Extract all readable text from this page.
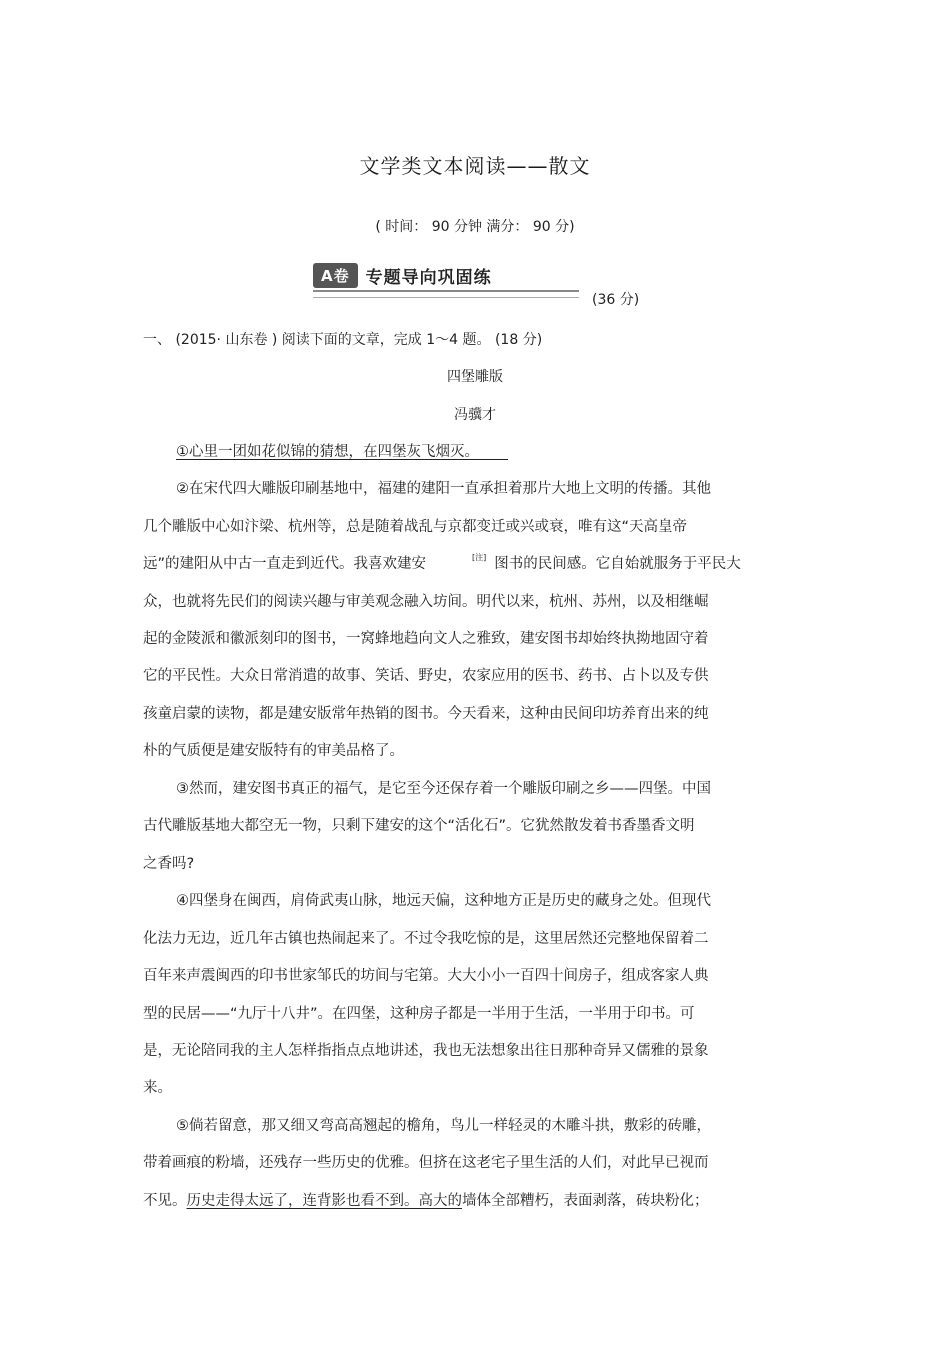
文学类文本阅读——散文
( 时间： 90 分钟 满分： 90 分)
A卷 专题导向巩固练
(36 分)
一、 (2015· 山东卷 ) 阅读下面的文章，完成 1～4 题。 (18 分)
四堡雕版
冯骥才
①心里一团如花似锦的猜想，在四堡灰飞烟灭。  
②在宋代四大雕版印刷基地中，福建的建阳一直承担着那片大地上文明的传播。其他
几个雕版中心如汴梁、杭州等，总是随着战乱与京都变迁或兴或衰，唯有这“天高皇帝
远”的建阳从中古一直走到近代。我喜欢建安	[注] 图书的民间感。它自始就服务于平民大
众，也就将先民们的阅读兴趣与审美观念融入坊间。明代以来，杭州、苏州，以及相继崛
起的金陵派和徽派刻印的图书，一窝蜂地趋向文人之雅致，建安图书却始终执拗地固守着
它的平民性。大众日常消遣的故事、笑话、野史，农家应用的医书、药书、占卜以及专供
孩童启蒙的读物，都是建安版常年热销的图书。今天看来，这种由民间印坊养育出来的纯
朴的气质便是建安版特有的审美品格了。
③然而，建安图书真正的福气，是它至今还保存着一个雕版印刷之乡——四堡。中国
古代雕版基地大都空无一物，只剩下建安的这个“活化石”。它犹然散发着书香墨香文明
之香吗?
④四堡身在闽西，肩倚武夷山脉，地远天偏，这种地方正是历史的藏身之处。但现代
化法力无边，近几年古镇也热闹起来了。不过令我吃惊的是，这里居然还完整地保留着二
百年来声震闽西的印书世家邹氏的坊间与宅第。大大小小一百四十间房子，组成客家人典
型的民居——“九厅十八井”。在四堡，这种房子都是一半用于生活，一半用于印书。可
是，无论陪同我的主人怎样指指点点地讲述，我也无法想象出往日那种奇异又儒雅的景象
来。
⑤倘若留意，那又细又弯高高翘起的檐角，鸟儿一样轻灵的木雕斗拱，敷彩的砖雕，
带着画痕的粉墙，还残存一些历史的优雅。但挤在这老宅子里生活的人们，对此早已视而
不见。历史走得太远了，连背影也看不到。高大的墙体全部糟朽，表面剥落，砖块粉化；
